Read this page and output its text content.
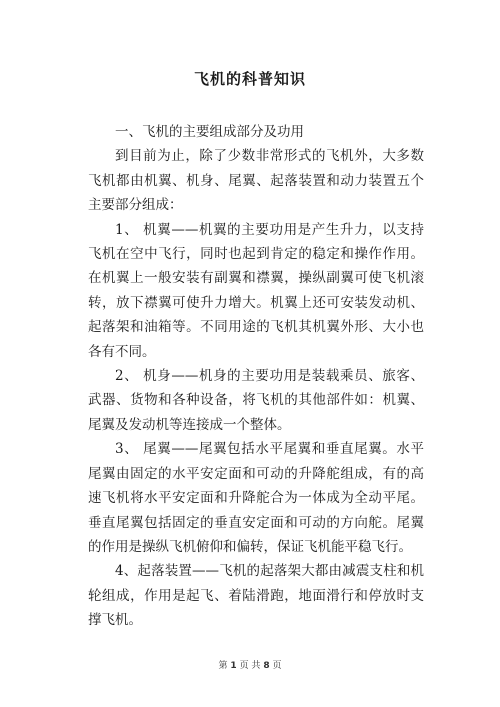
飞机的科普知识

一、飞机的主要组成部分及功用

到目前为止，除了少数非常形式的飞机外，大多数飞机都由机翼、机身、尾翼、起落装置和动力装置五个主要部分组成：

1、 机翼——机翼的主要功用是产生升力，以支持飞机在空中飞行，同时也起到肯定的稳定和操作作用。在机翼上一般安装有副翼和襟翼，操纵副翼可使飞机滚转，放下襟翼可使升力增大。机翼上还可安装发动机、起落架和油箱等。不同用途的飞机其机翼外形、大小也各有不同。

2、 机身——机身的主要功用是装载乘员、旅客、武器、货物和各种设备，将飞机的其他部件如：机翼、尾翼及发动机等连接成一个整体。

3、 尾翼——尾翼包括水平尾翼和垂直尾翼。水平尾翼由固定的水平安定面和可动的升降舵组成，有的高速飞机将水平安定面和升降舵合为一体成为全动平尾。垂直尾翼包括固定的垂直安定面和可动的方向舵。尾翼的作用是操纵飞机俯仰和偏转，保证飞机能平稳飞行。

4、起落装置——飞机的起落架大都由减震支柱和机轮组成，作用是起飞、着陆滑跑，地面滑行和停放时支撑飞机。

第 1 页 共 8 页
